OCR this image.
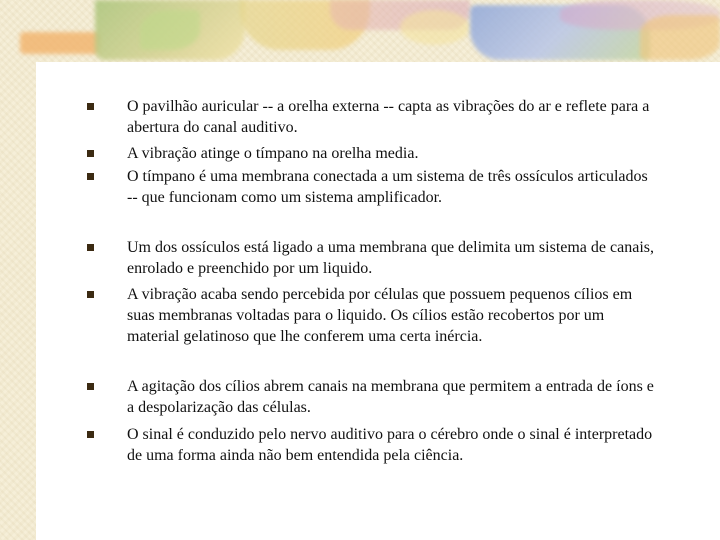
O pavilhão auricular -- a orelha externa -- capta as vibrações do ar e reflete para a abertura do canal auditivo.
A vibração atinge o tímpano na orelha media.
O tímpano é uma membrana conectada a um sistema de três ossículos articulados -- que funcionam como um sistema amplificador.
Um dos ossículos está ligado a uma membrana que delimita um sistema de canais, enrolado e preenchido por um liquido.
A vibração acaba sendo percebida por células que possuem pequenos cílios em suas membranas voltadas para o liquido. Os cílios estão recobertos por um material gelatinoso que lhe conferem uma certa inércia.
A agitação dos cílios abrem canais na membrana que permitem a entrada de íons e a despolarização das células.
O sinal é conduzido pelo nervo auditivo para o cérebro onde o sinal é interpretado de uma forma ainda não bem entendida pela ciência.
